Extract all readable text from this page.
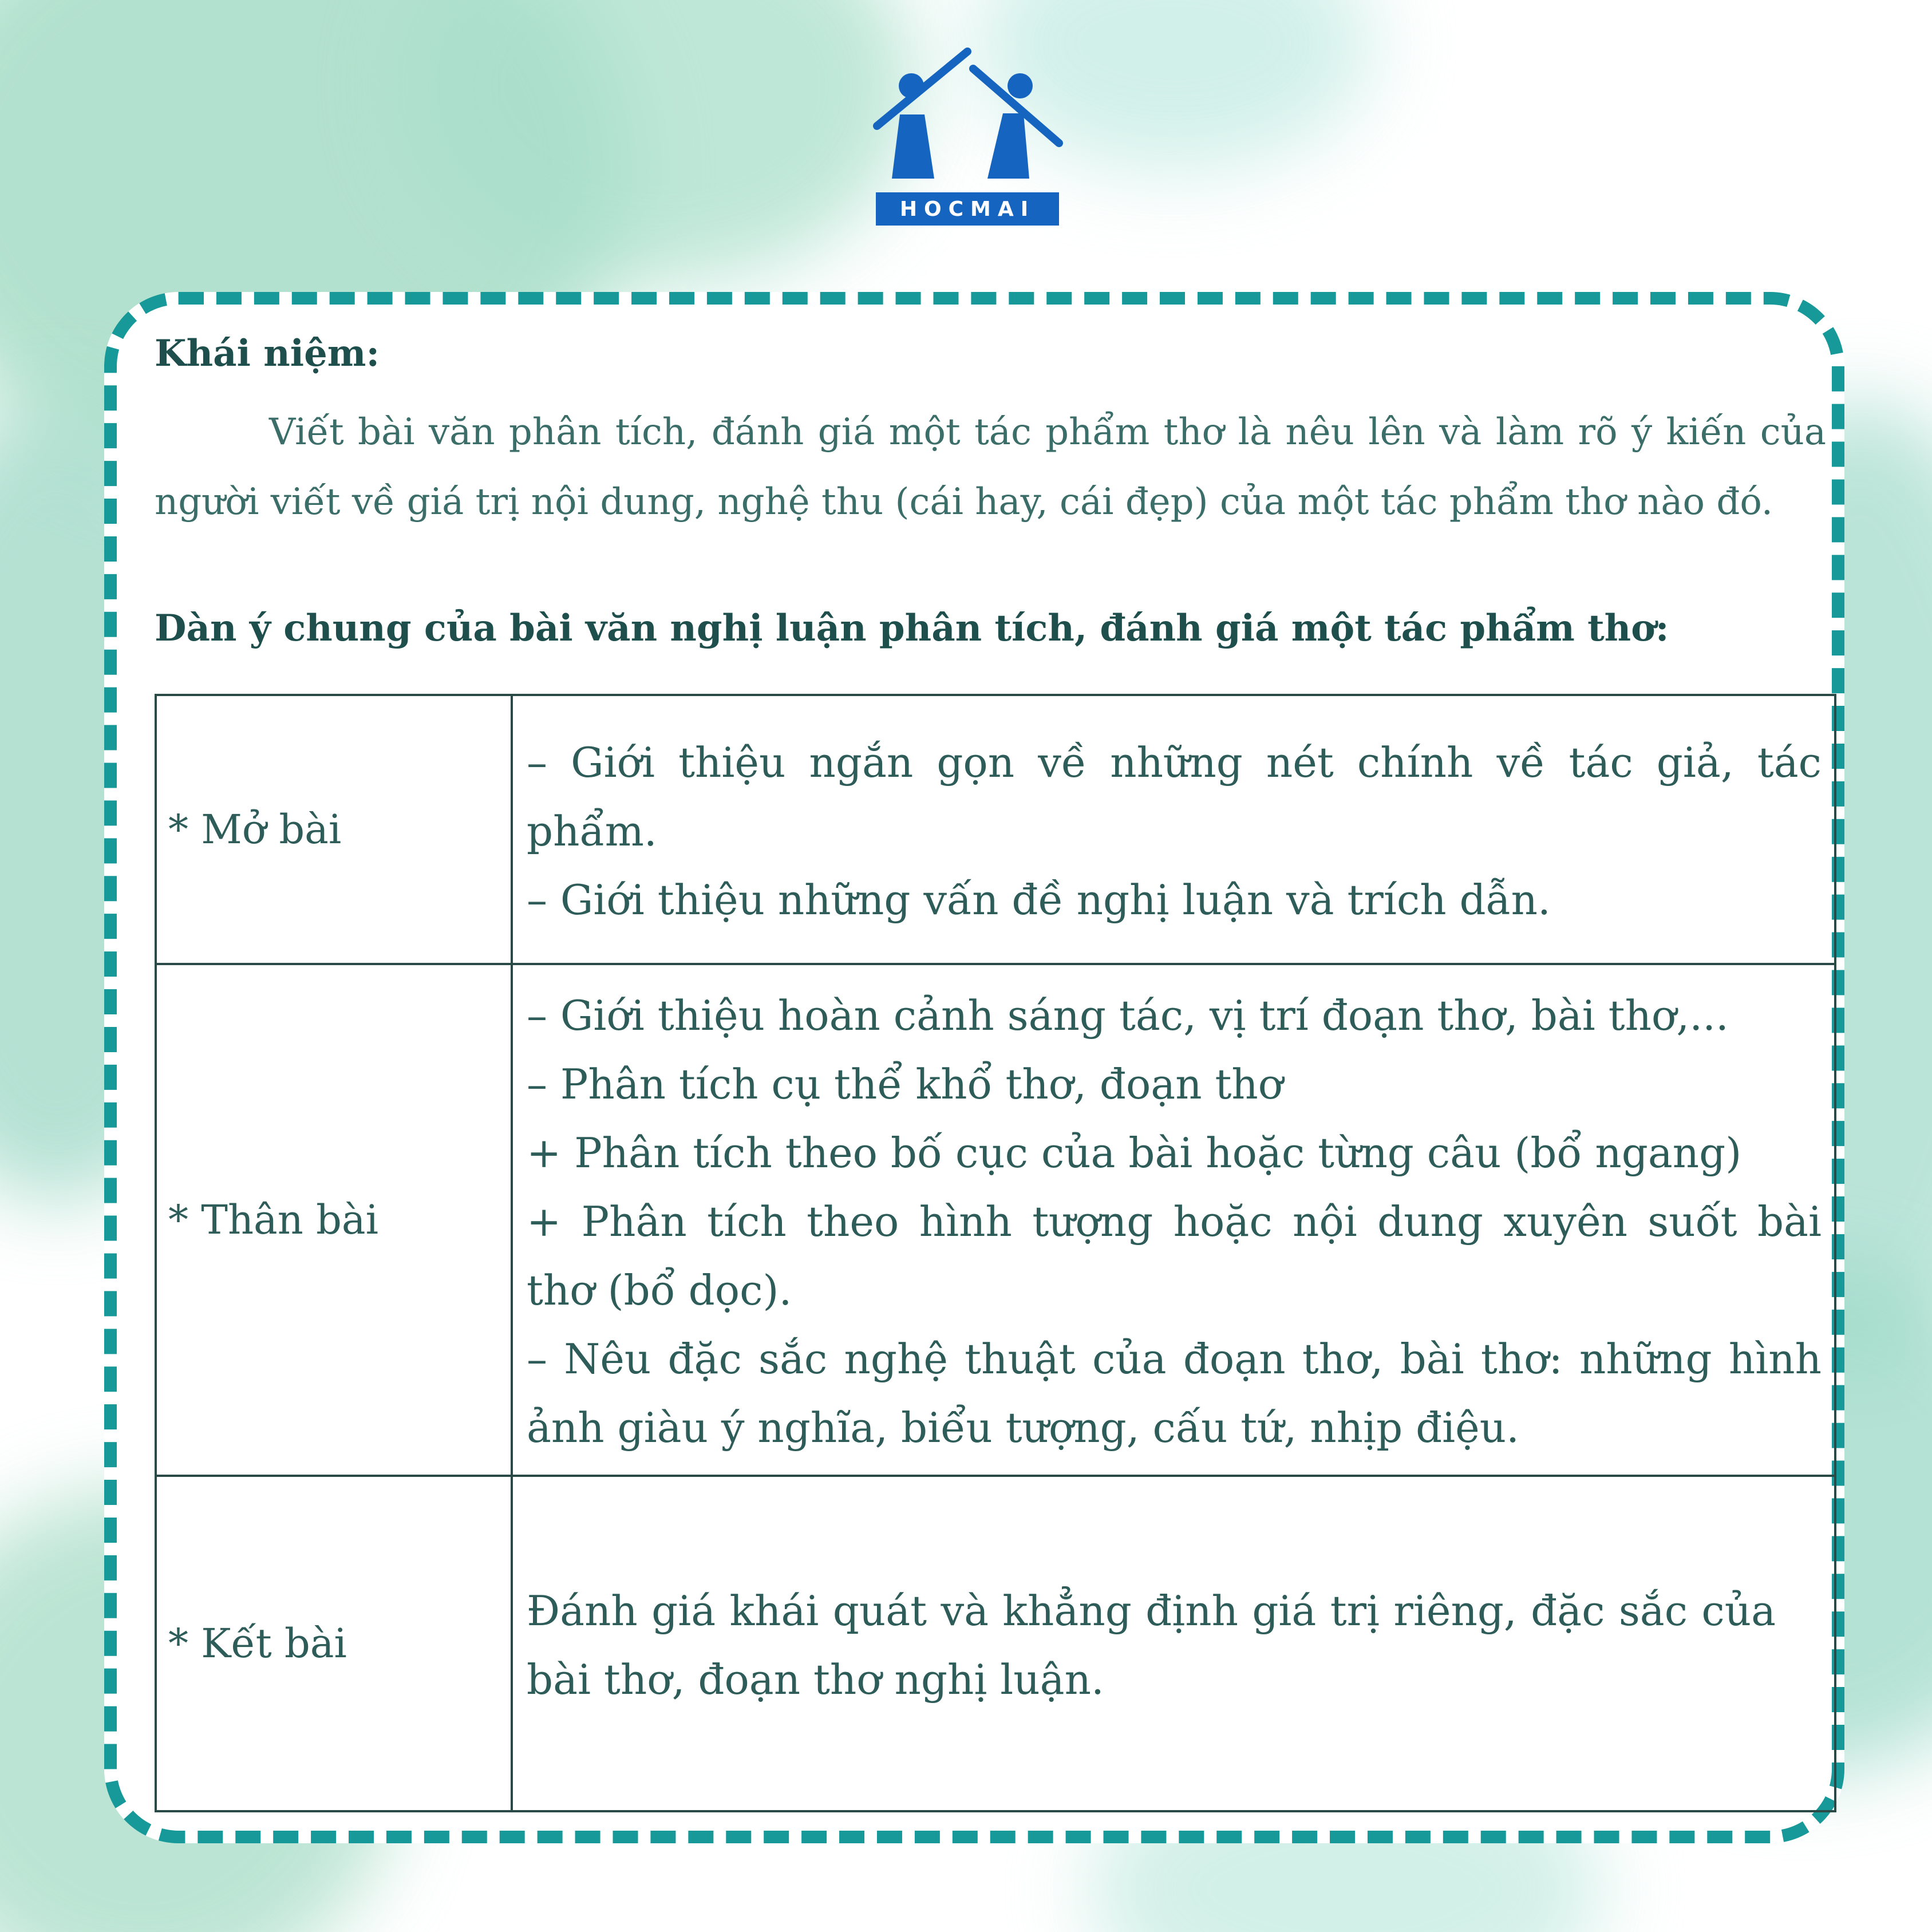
HOCMAI

Khái niệm:

Viết bài văn phân tích, đánh giá một tác phẩm thơ là nêu lên và làm rõ ý kiến của người viết về giá trị nội dung, nghệ thu (cái hay, cái đẹp) của một tác phẩm thơ nào đó.

Dàn ý chung của bài văn nghị luận phân tích, đánh giá một tác phẩm thơ:

* Mở bài	– Giới thiệu ngắn gọn về những nét chính về tác giả, tác phẩm.
– Giới thiệu những vấn đề nghị luận và trích dẫn.

* Thân bài	– Giới thiệu hoàn cảnh sáng tác, vị trí đoạn thơ, bài thơ,...
– Phân tích cụ thể khổ thơ, đoạn thơ
+ Phân tích theo bố cục của bài hoặc từng câu (bổ ngang)
+ Phân tích theo hình tượng hoặc nội dung xuyên suốt bài thơ (bổ dọc).
– Nêu đặc sắc nghệ thuật của đoạn thơ, bài thơ: những hình ảnh giàu ý nghĩa, biểu tượng, cấu tứ, nhịp điệu.

* Kết bài	Đánh giá khái quát và khẳng định giá trị riêng, đặc sắc của bài thơ, đoạn thơ nghị luận.
